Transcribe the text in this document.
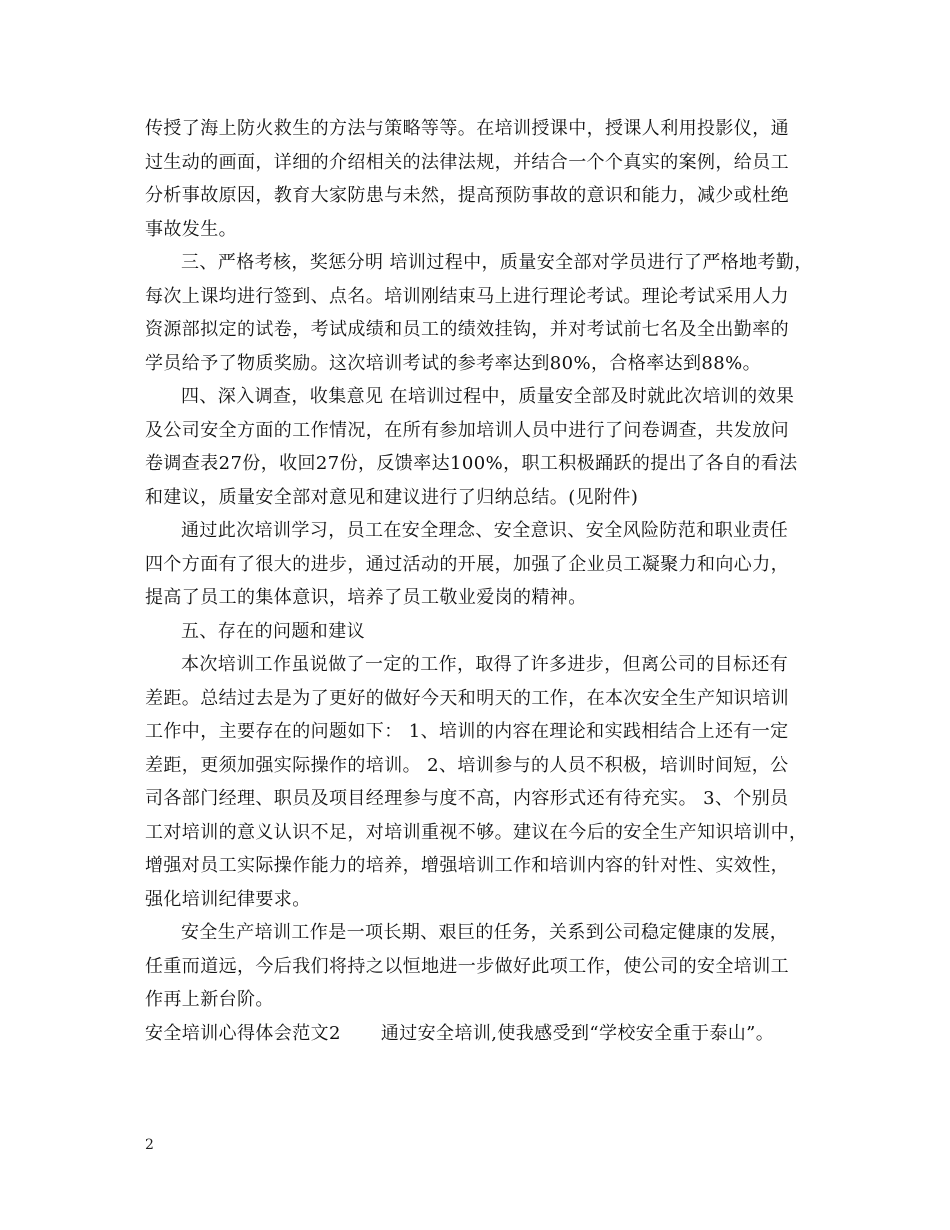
传授了海上防火救生的方法与策略等等。在培训授课中，授课人利用投影仪，通
过生动的画面，详细的介绍相关的法律法规，并结合一个个真实的案例，给员工
分析事故原因，教育大家防患与未然，提高预防事故的意识和能力，减少或杜绝
事故发生。
三、严格考核，奖惩分明 培训过程中，质量安全部对学员进行了严格地考勤，
每次上课均进行签到、点名。培训刚结束马上进行理论考试。理论考试采用人力
资源部拟定的试卷，考试成绩和员工的绩效挂钩，并对考试前七名及全出勤率的
学员给予了物质奖励。这次培训考试的参考率达到80%，合格率达到88%。
四、深入调查，收集意见 在培训过程中，质量安全部及时就此次培训的效果
及公司安全方面的工作情况，在所有参加培训人员中进行了问卷调查，共发放问
卷调查表27份，收回27份，反馈率达100%，职工积极踊跃的提出了各自的看法
和建议，质量安全部对意见和建议进行了归纳总结。(见附件)
通过此次培训学习，员工在安全理念、安全意识、安全风险防范和职业责任
四个方面有了很大的进步，通过活动的开展，加强了企业员工凝聚力和向心力，
提高了员工的集体意识，培养了员工敬业爱岗的精神。
五、存在的问题和建议
本次培训工作虽说做了一定的工作，取得了许多进步，但离公司的目标还有
差距。总结过去是为了更好的做好今天和明天的工作，在本次安全生产知识培训
工作中，主要存在的问题如下： 1、培训的内容在理论和实践相结合上还有一定
差距，更须加强实际操作的培训。 2、培训参与的人员不积极，培训时间短，公
司各部门经理、职员及项目经理参与度不高，内容形式还有待充实。 3、个别员
工对培训的意义认识不足，对培训重视不够。建议在今后的安全生产知识培训中，
增强对员工实际操作能力的培养，增强培训工作和培训内容的针对性、实效性，
强化培训纪律要求。
安全生产培训工作是一项长期、艰巨的任务，关系到公司稳定健康的发展，
任重而道远，今后我们将持之以恒地进一步做好此项工作，使公司的安全培训工
作再上新台阶。
安全培训心得体会范文2 通过安全培训,使我感受到“学校安全重于泰山”。
2
